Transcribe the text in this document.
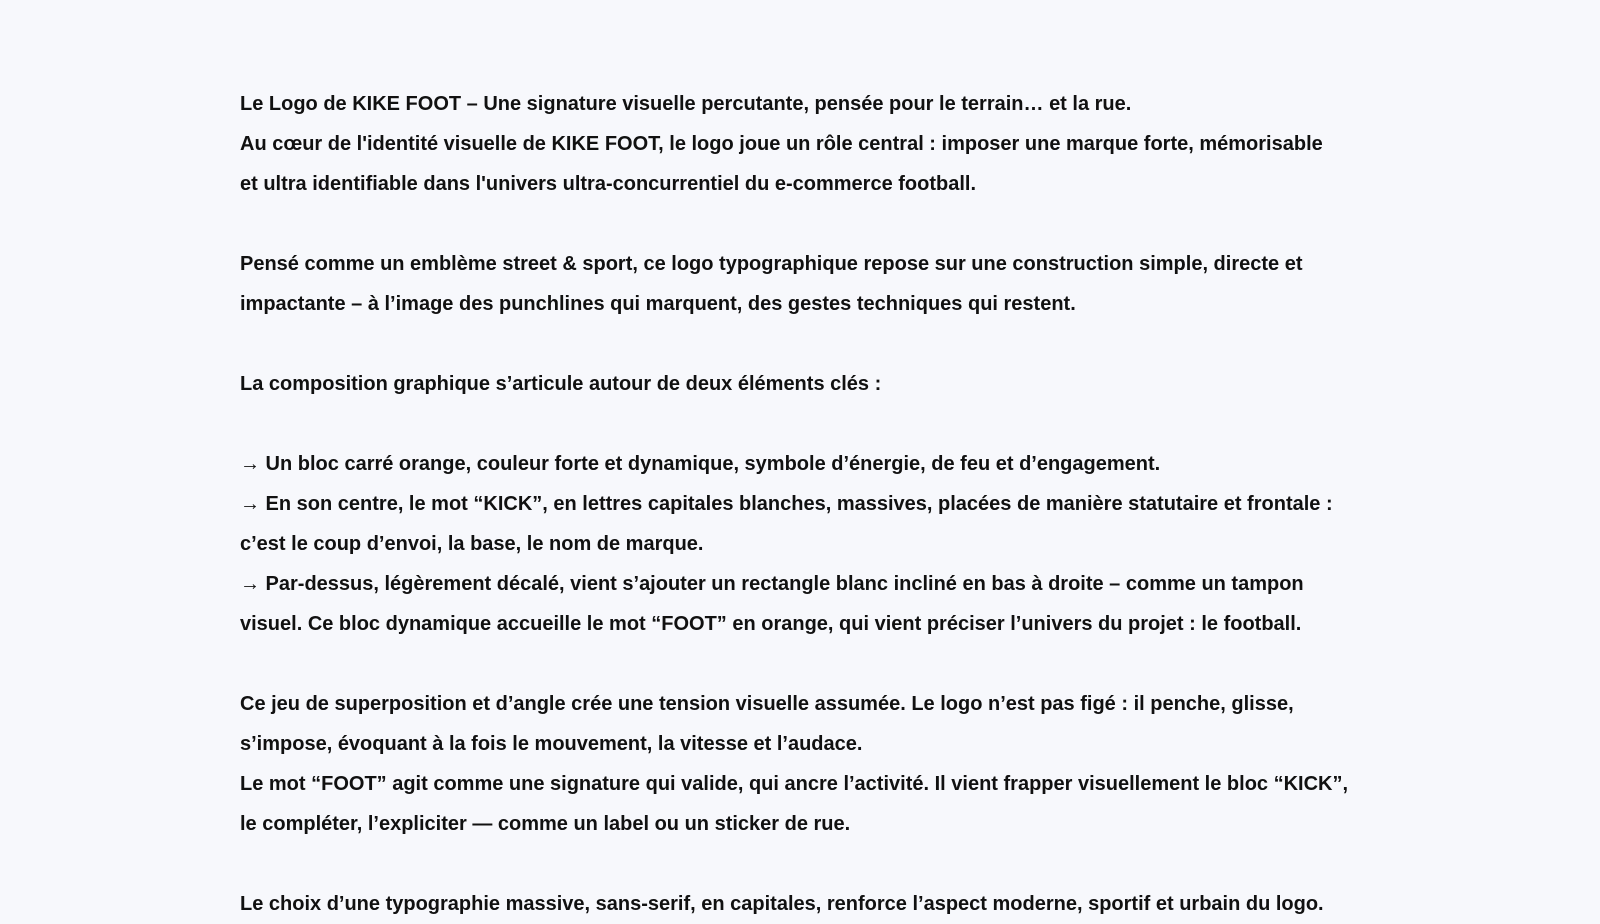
Le Logo de KIKE FOOT – Une signature visuelle percutante, pensée pour le terrain… et la rue.
Au cœur de l'identité visuelle de KIKE FOOT, le logo joue un rôle central : imposer une marque forte, mémorisable
et ultra identifiable dans l'univers ultra-concurrentiel du e-commerce football.
Pensé comme un emblème street & sport, ce logo typographique repose sur une construction simple, directe et
impactante – à l’image des punchlines qui marquent, des gestes techniques qui restent.
La composition graphique s’articule autour de deux éléments clés :
→ Un bloc carré orange, couleur forte et dynamique, symbole d’énergie, de feu et d’engagement.
→ En son centre, le mot “KICK”, en lettres capitales blanches, massives, placées de manière statutaire et frontale :
c’est le coup d’envoi, la base, le nom de marque.
→ Par-dessus, légèrement décalé, vient s’ajouter un rectangle blanc incliné en bas à droite – comme un tampon
visuel. Ce bloc dynamique accueille le mot “FOOT” en orange, qui vient préciser l’univers du projet : le football.
Ce jeu de superposition et d’angle crée une tension visuelle assumée. Le logo n’est pas figé : il penche, glisse,
s’impose, évoquant à la fois le mouvement, la vitesse et l’audace.
Le mot “FOOT” agit comme une signature qui valide, qui ancre l’activité. Il vient frapper visuellement le bloc “KICK”,
le compléter, l’expliciter — comme un label ou un sticker de rue.
Le choix d’une typographie massive, sans-serif, en capitales, renforce l’aspect moderne, sportif et urbain du logo.
